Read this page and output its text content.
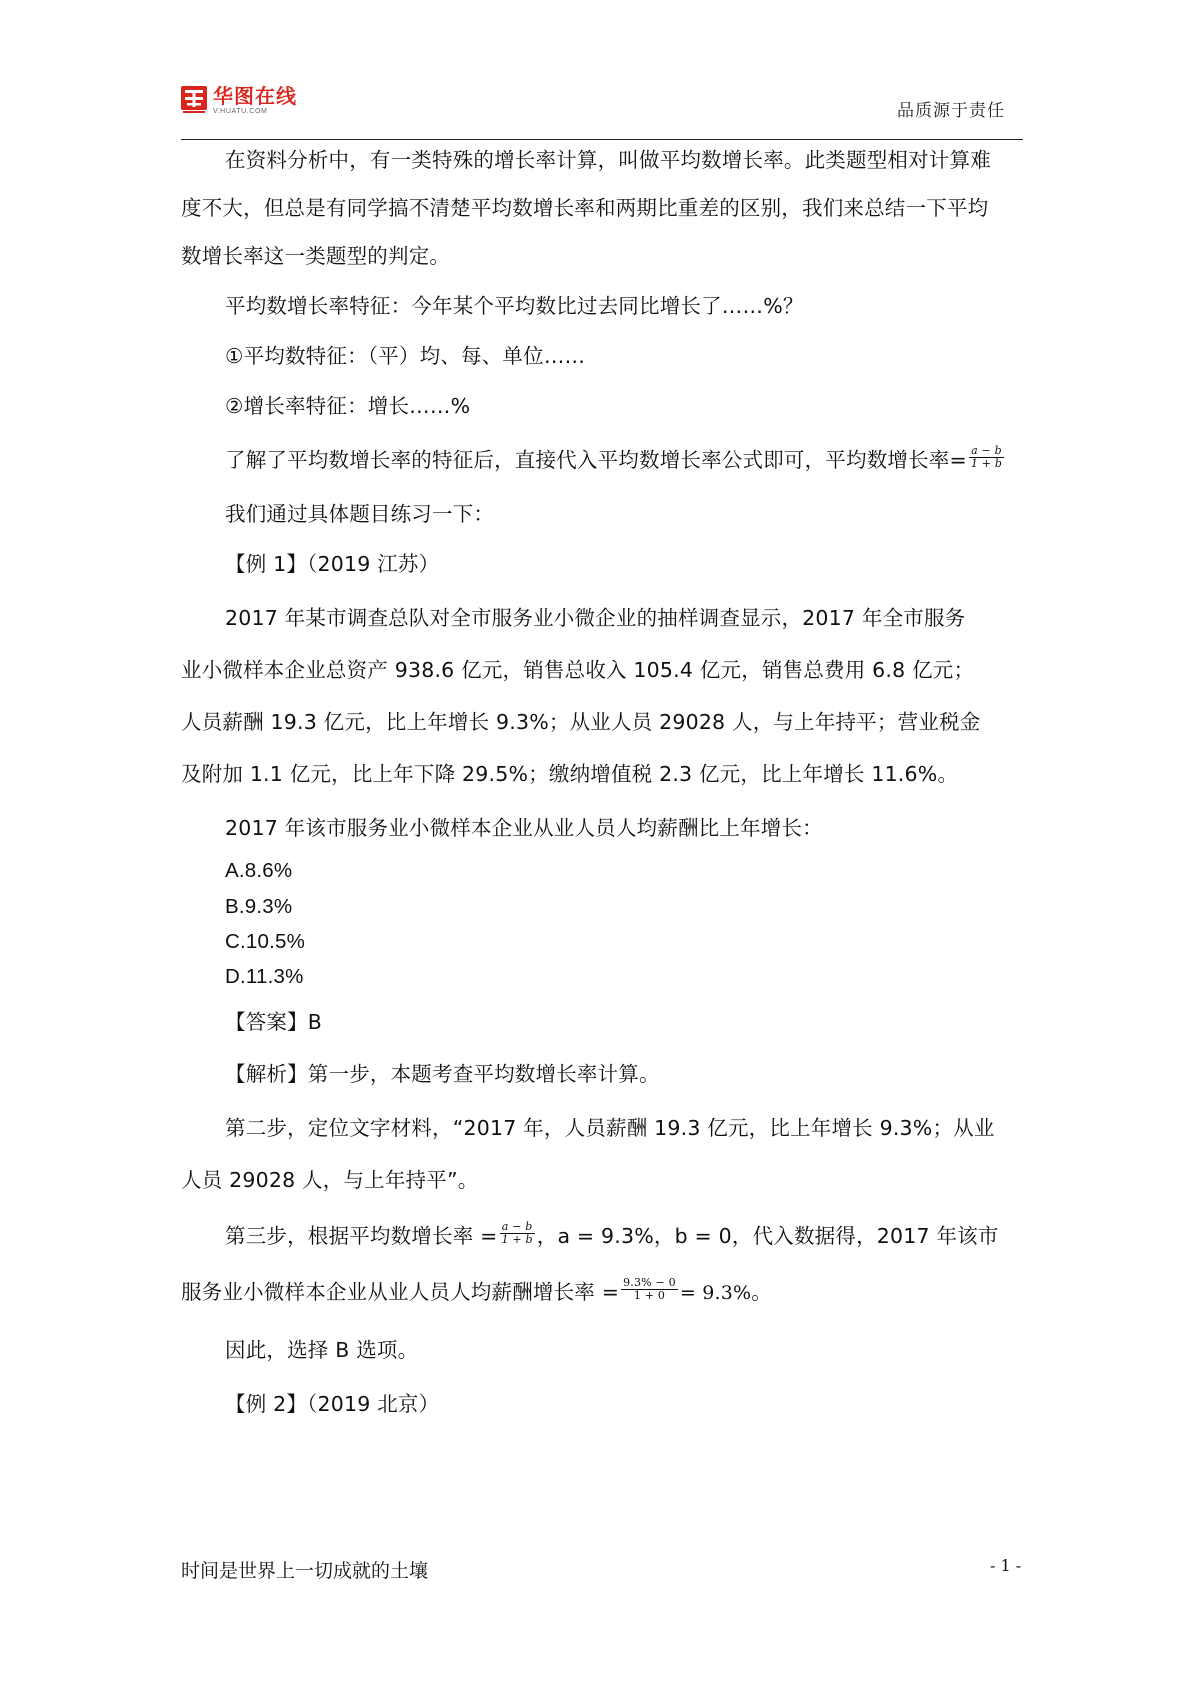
华图在线
V.HUATU.COM	品质源于责任
在资料分析中，有一类特殊的增长率计算，叫做平均数增长率。此类题型相对计算难
度不大，但总是有同学搞不清楚平均数增长率和两期比重差的区别，我们来总结一下平均
数增长率这一类题型的判定。
平均数增长率特征：今年某个平均数比过去同比增长了……%？
①平均数特征：（平）均、每、单位……
②增长率特征：增长……%
了解了平均数增长率的特征后，直接代入平均数增长率公式即可，平均数增长率= $\frac{a - b}{1 + b}$
我们通过具体题目练习一下：
【例 1】（2019 江苏）
2017 年某市调查总队对全市服务业小微企业的抽样调查显示，2017 年全市服务
业小微样本企业总资产 938.6 亿元，销售总收入 105.4 亿元，销售总费用 6.8 亿元；
人员薪酬 19.3 亿元，比上年增长 9.3%；从业人员 29028 人，与上年持平；营业税金
及附加 1.1 亿元，比上年下降 29.5%；缴纳增值税 2.3 亿元，比上年增长 11.6%。
2017 年该市服务业小微样本企业从业人员人均薪酬比上年增长：
A.8.6%
B.9.3%
C.10.5%
D.11.3%
【答案】B
【解析】第一步，本题考查平均数增长率计算。
第二步，定位文字材料，“2017 年，人员薪酬 19.3 亿元，比上年增长 9.3%；从业
人员 29028 人，与上年持平”。
第三步，根据平均数增长率 = $\frac{a - b}{1 + b}$ ，a = 9.3%，b = 0，代入数据得，2017 年该市
服务业小微样本企业从业人员人均薪酬增长率 = $\frac{9.3\% - 0}{1 + 0} = 9.3\%$。
因此，选择 B 选项。
【例 2】（2019 北京）
时间是世界上一切成就的土壤	- 1 -
